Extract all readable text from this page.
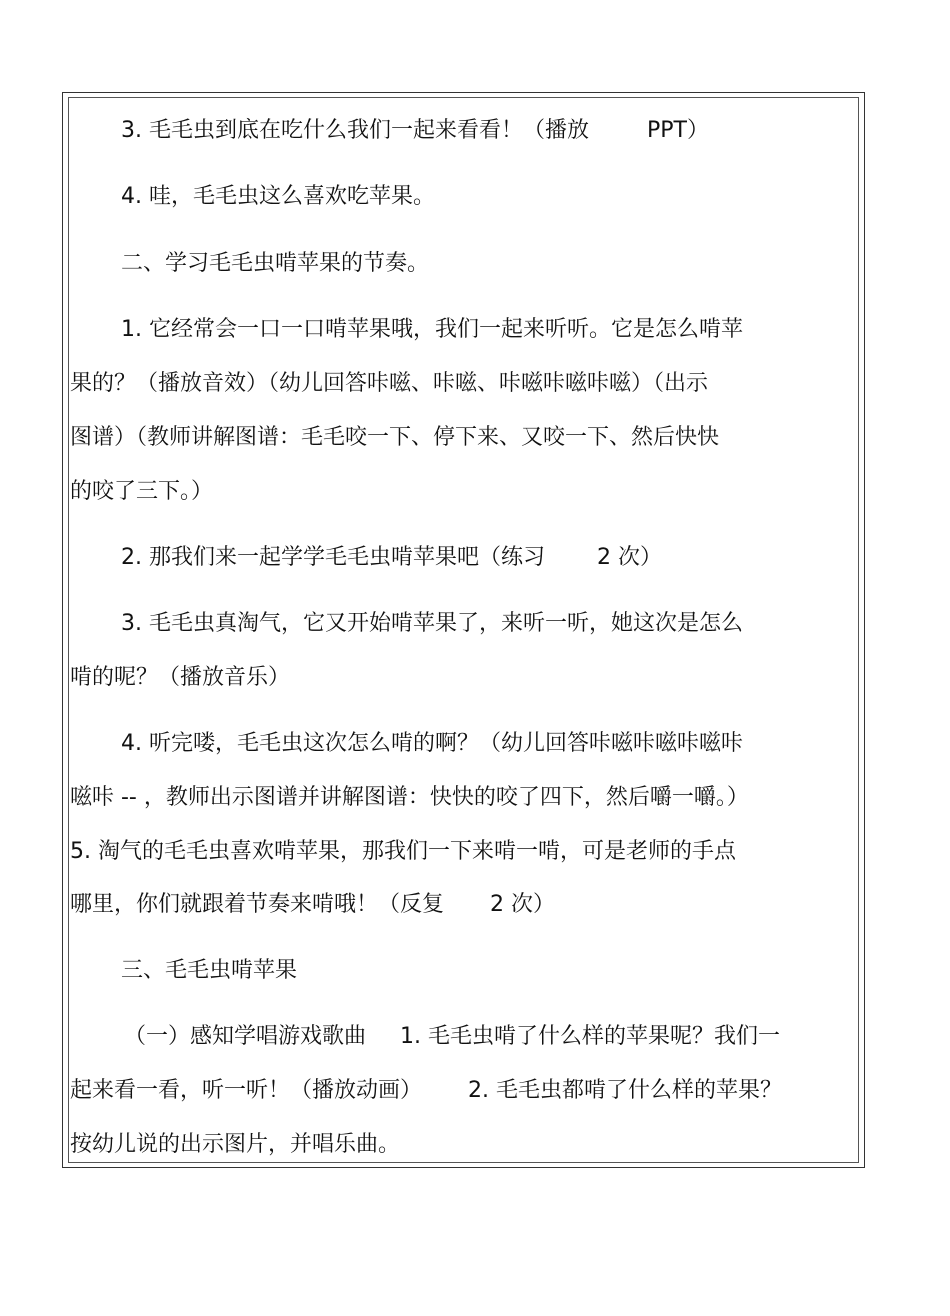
3. 毛毛虫到底在吃什么我们一起来看看！（播放	PPT）
4. 哇，毛毛虫这么喜欢吃苹果。
二、学习毛毛虫啃苹果的节奏。
1. 它经常会一口一口啃苹果哦，我们一起来听听。它是怎么啃苹
果的？（播放音效）（幼儿回答咔嗞、咔嗞、咔嗞咔嗞咔嗞）（出示
图谱）（教师讲解图谱：毛毛咬一下、停下来、又咬一下、然后快快
的咬了三下。）
2. 那我们来一起学学毛毛虫啃苹果吧（练习 2 次）
3. 毛毛虫真淘气，它又开始啃苹果了，来听一听，她这次是怎么
啃的呢？（播放音乐）
4. 听完喽，毛毛虫这次怎么啃的啊？（幼儿回答咔嗞咔嗞咔嗞咔
嗞咔 -- ，教师出示图谱并讲解图谱：快快的咬了四下，然后嚼一嚼。）
5. 淘气的毛毛虫喜欢啃苹果，那我们一下来啃一啃，可是老师的手点
哪里，你们就跟着节奏来啃哦！（反复 2 次）
三、毛毛虫啃苹果
（一）感知学唱游戏歌曲 1. 毛毛虫啃了什么样的苹果呢？我们一
起来看一看，听一听！（播放动画） 2. 毛毛虫都啃了什么样的苹果？
按幼儿说的出示图片，并唱乐曲。
